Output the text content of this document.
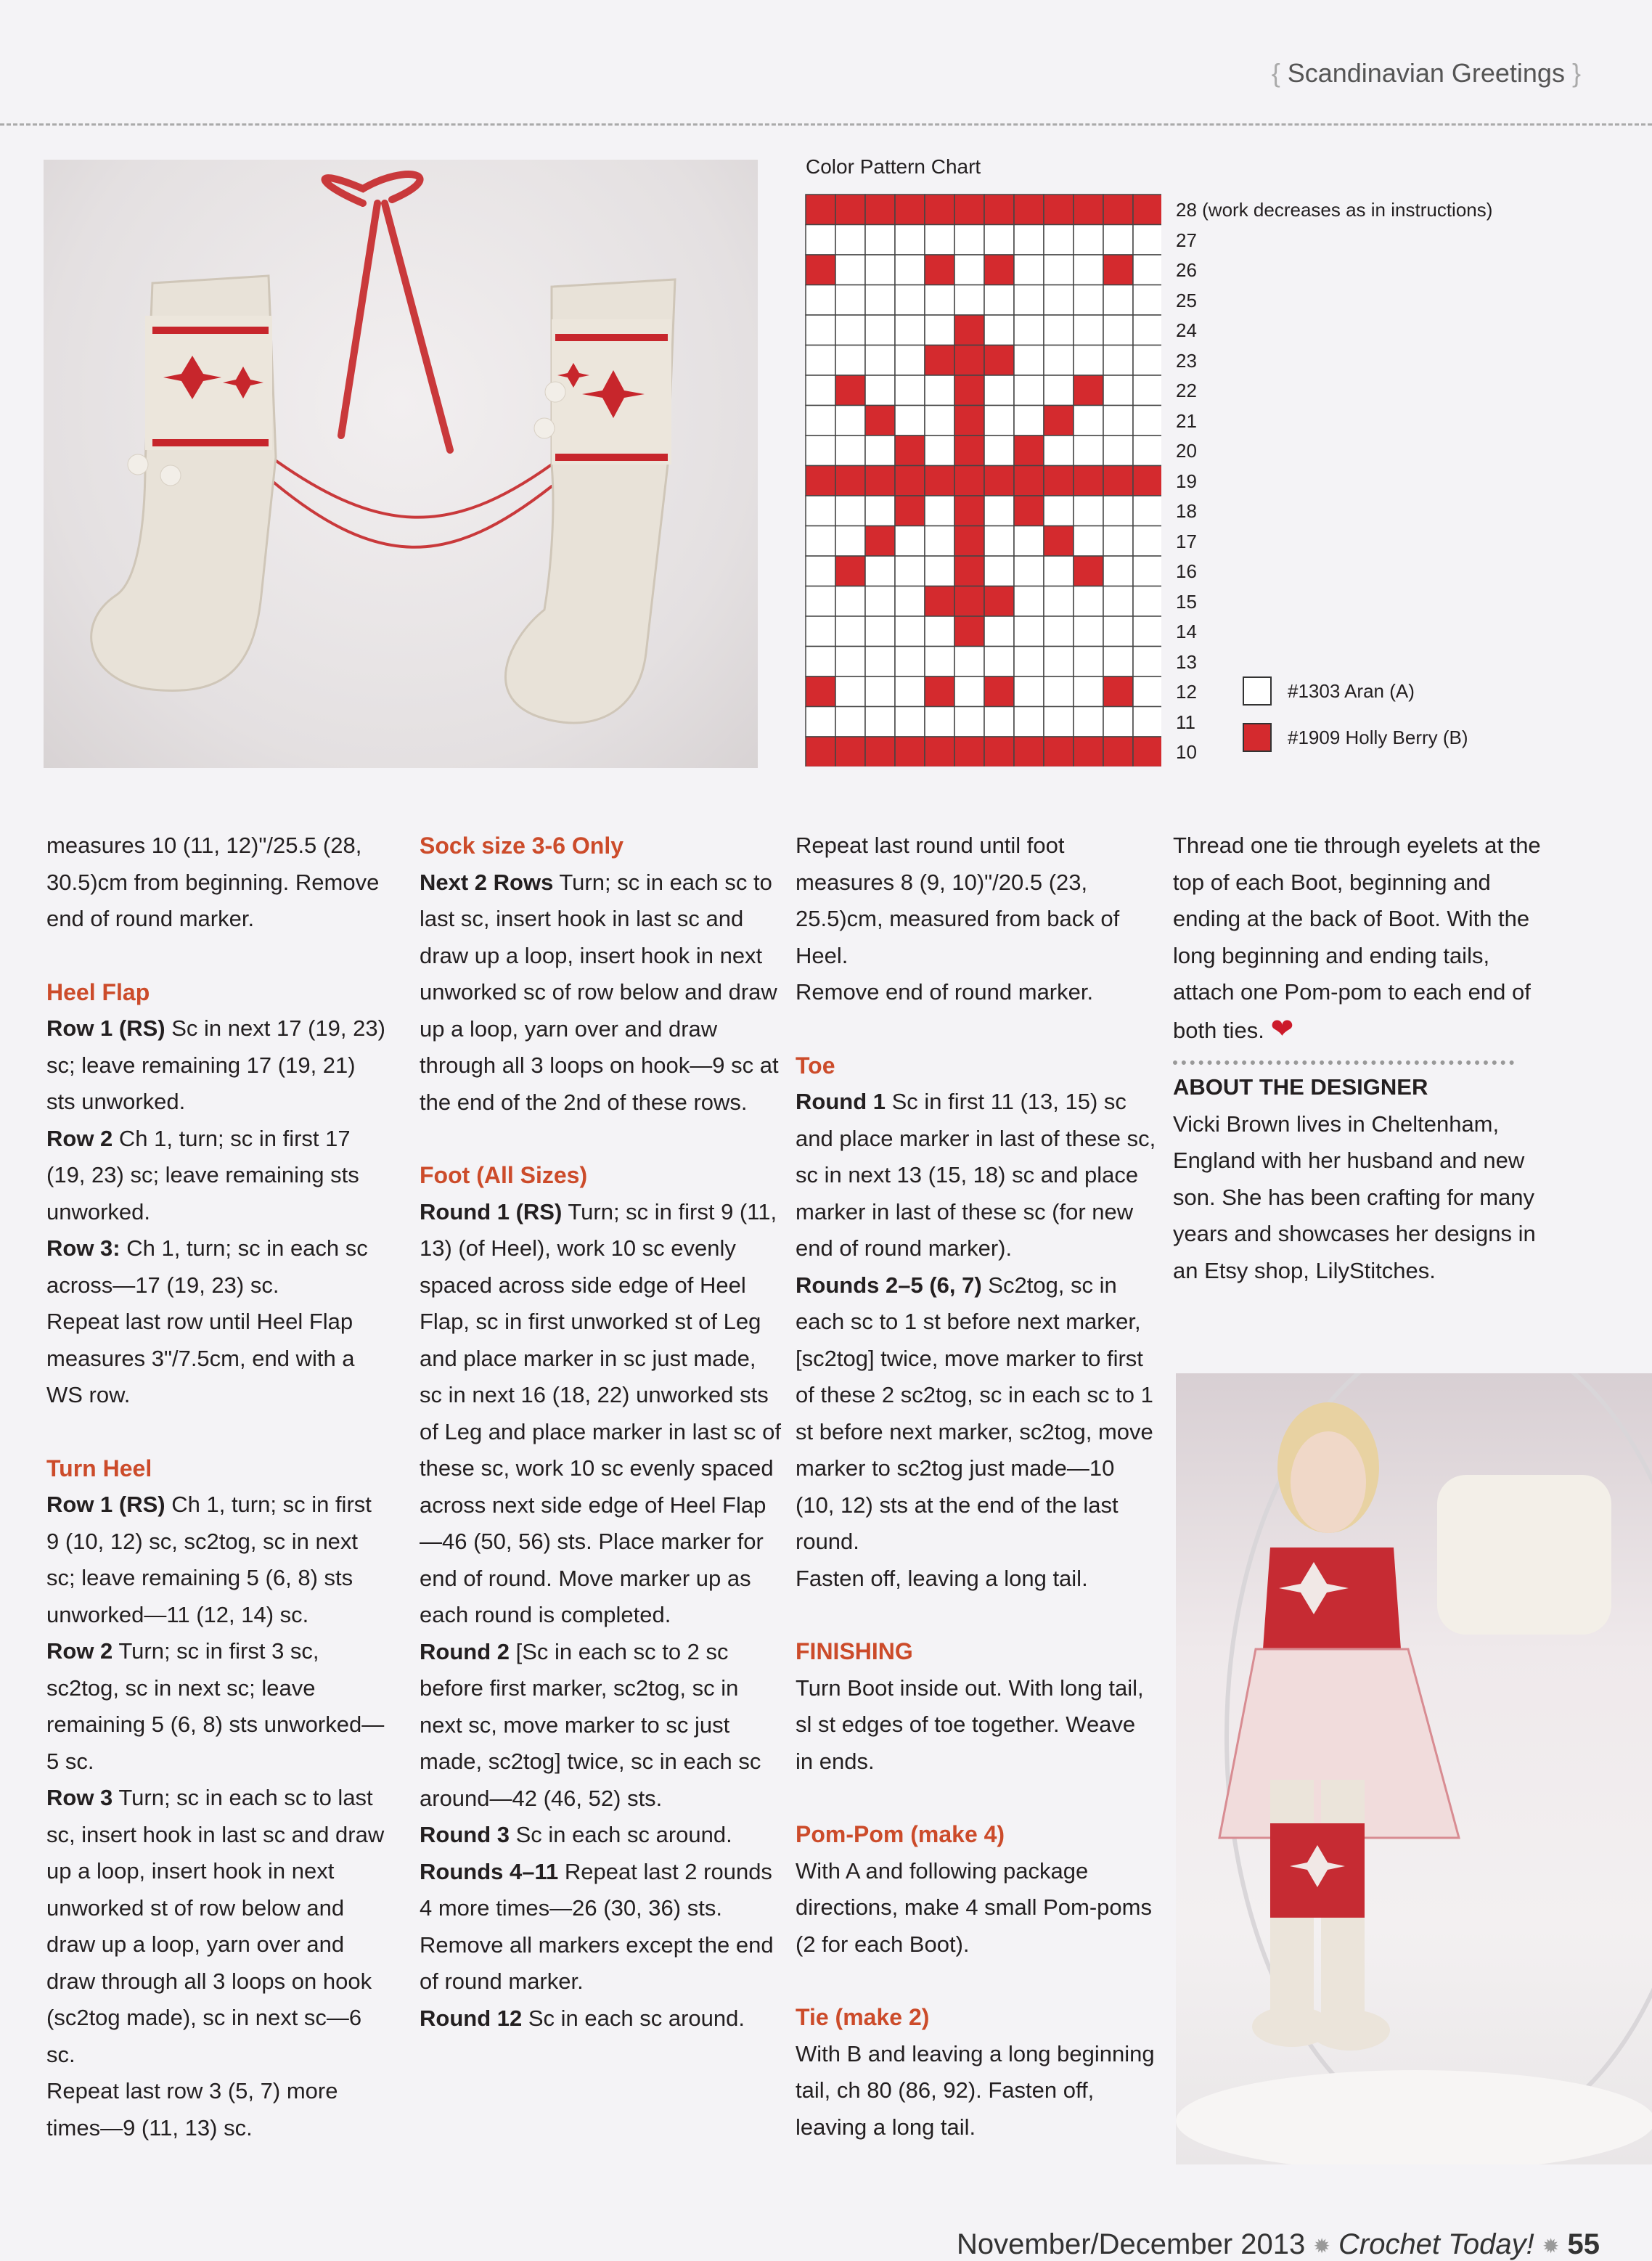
{ Scandinavian Greetings }
Color Pattern Chart
28 (work decreases as in instructions)
27
26
25
24
23
22
21
20
19
18
17
16
15
14
13
12
11
10
#1303 Aran (A)
#1909 Holly Berry (B)

measures 10 (11, 12)"/25.5 (28, 30.5)cm from beginning. Remove end of round marker.

Heel Flap

Row 1 (RS) Sc in next 17 (19, 23) sc; leave remaining 17 (19, 21) sts unworked.

Row 2 Ch 1, turn; sc in first 17 (19, 23) sc; leave remaining sts unworked.

Row 3: Ch 1, turn; sc in each sc across—17 (19, 23) sc.

Repeat last row until Heel Flap measures 3"/7.5cm, end with a WS row.

Turn Heel

Row 1 (RS) Ch 1, turn; sc in first 9 (10, 12) sc, sc2tog, sc in next sc; leave remaining 5 (6, 8) sts unworked—11 (12, 14) sc.

Row 2 Turn; sc in first 3 sc, sc2tog, sc in next sc; leave remaining 5 (6, 8) sts unworked—5 sc.

Row 3 Turn; sc in each sc to last sc, insert hook in last sc and draw up a loop, insert hook in next unworked st of row below and draw up a loop, yarn over and draw through all 3 loops on hook (sc2tog made), sc in next sc—6 sc.

Repeat last row 3 (5, 7) more times—9 (11, 13) sc.

Sock size 3-6 Only

Next 2 Rows Turn; sc in each sc to last sc, insert hook in last sc and draw up a loop, insert hook in next unworked sc of row below and draw up a loop, yarn over and draw through all 3 loops on hook—9 sc at the end of the 2nd of these rows.

Foot (All Sizes)

Round 1 (RS) Turn; sc in first 9 (11, 13) (of Heel), work 10 sc evenly spaced across side edge of Heel Flap, sc in first unworked st of Leg and place marker in sc just made, sc in next 16 (18, 22) unworked sts of Leg and place marker in last sc of these sc, work 10 sc evenly spaced across next side edge of Heel Flap—46 (50, 56) sts. Place marker for end of round. Move marker up as each round is completed.

Round 2 [Sc in each sc to 2 sc before first marker, sc2tog, sc in next sc, move marker to sc just made, sc2tog] twice, sc in each sc around—42 (46, 52) sts.

Round 3 Sc in each sc around.

Rounds 4–11 Repeat last 2 rounds 4 more times—26 (30, 36) sts.

Remove all markers except the end of round marker.

Round 12 Sc in each sc around.

Repeat last round until foot measures 8 (9, 10)"/20.5 (23, 25.5)cm, measured from back of Heel.

Remove end of round marker.

Toe

Round 1 Sc in first 11 (13, 15) sc and place marker in last of these sc, sc in next 13 (15, 18) sc and place marker in last of these sc (for new end of round marker).

Rounds 2–5 (6, 7) Sc2tog, sc in each sc to 1 st before next marker, [sc2tog] twice, move marker to first of these 2 sc2tog, sc in each sc to 1 st before next marker, sc2tog, move marker to sc2tog just made—10 (10, 12) sts at the end of the last round.

Fasten off, leaving a long tail.

FINISHING

Turn Boot inside out. With long tail, sl st edges of toe together. Weave in ends.

Pom-Pom (make 4)

With A and following package directions, make 4 small Pom-poms (2 for each Boot).

Tie (make 2)

With B and leaving a long beginning tail, ch 80 (86, 92). Fasten off, leaving a long tail.

Thread one tie through eyelets at the top of each Boot, beginning and ending at the back of Boot. With the long beginning and ending tails, attach one Pom-pom to each end of both ties. ❤

ABOUT THE DESIGNER

Vicki Brown lives in Cheltenham, England with her husband and new son. She has been crafting for many years and showcases her designs in an Etsy shop, LilyStitches.

November/December 2013 ✹ Crochet Today! ✹ 55
